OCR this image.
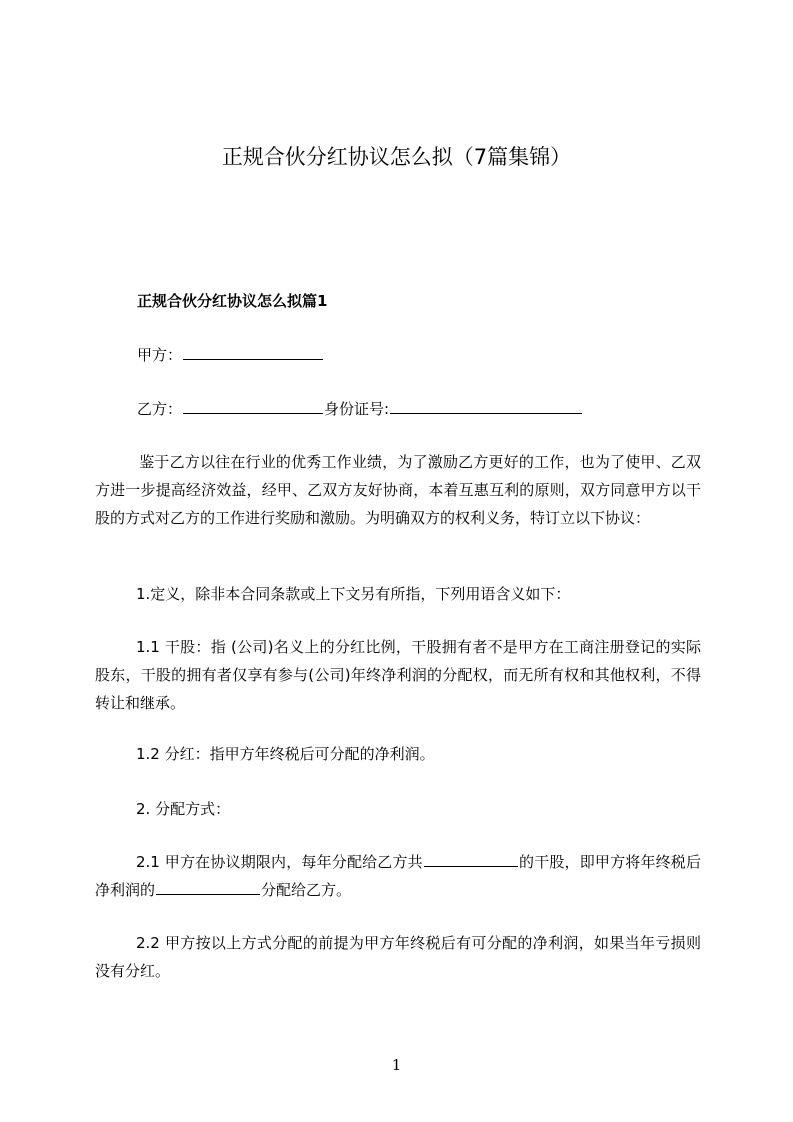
正规合伙分红协议怎么拟（7篇集锦）
正规合伙分红协议怎么拟篇1
甲方：
乙方：	身份证号:
鉴于乙方以往在行业的优秀工作业绩，为了激励乙方更好的工作，也为了使甲、乙双方进一步提高经济效益，经甲、乙双方友好协商，本着互惠互利的原则，双方同意甲方以干股的方式对乙方的工作进行奖励和激励。为明确双方的权利义务，特订立以下协议：
1.定义，除非本合同条款或上下文另有所指，下列用语含义如下：
1.1 干股：指 (公司)名义上的分红比例，干股拥有者不是甲方在工商注册登记的实际股东，干股的拥有者仅享有参与(公司)年终净利润的分配权，而无所有权和其他权利，不得转让和继承。
1.2 分红：指甲方年终税后可分配的净利润。
2. 分配方式：
2.1 甲方在协议期限内，每年分配给乙方共	的干股，即甲方将年终税后净利润的	分配给乙方。
2.2 甲方按以上方式分配的前提为甲方年终税后有可分配的净利润，如果当年亏损则没有分红。
1
